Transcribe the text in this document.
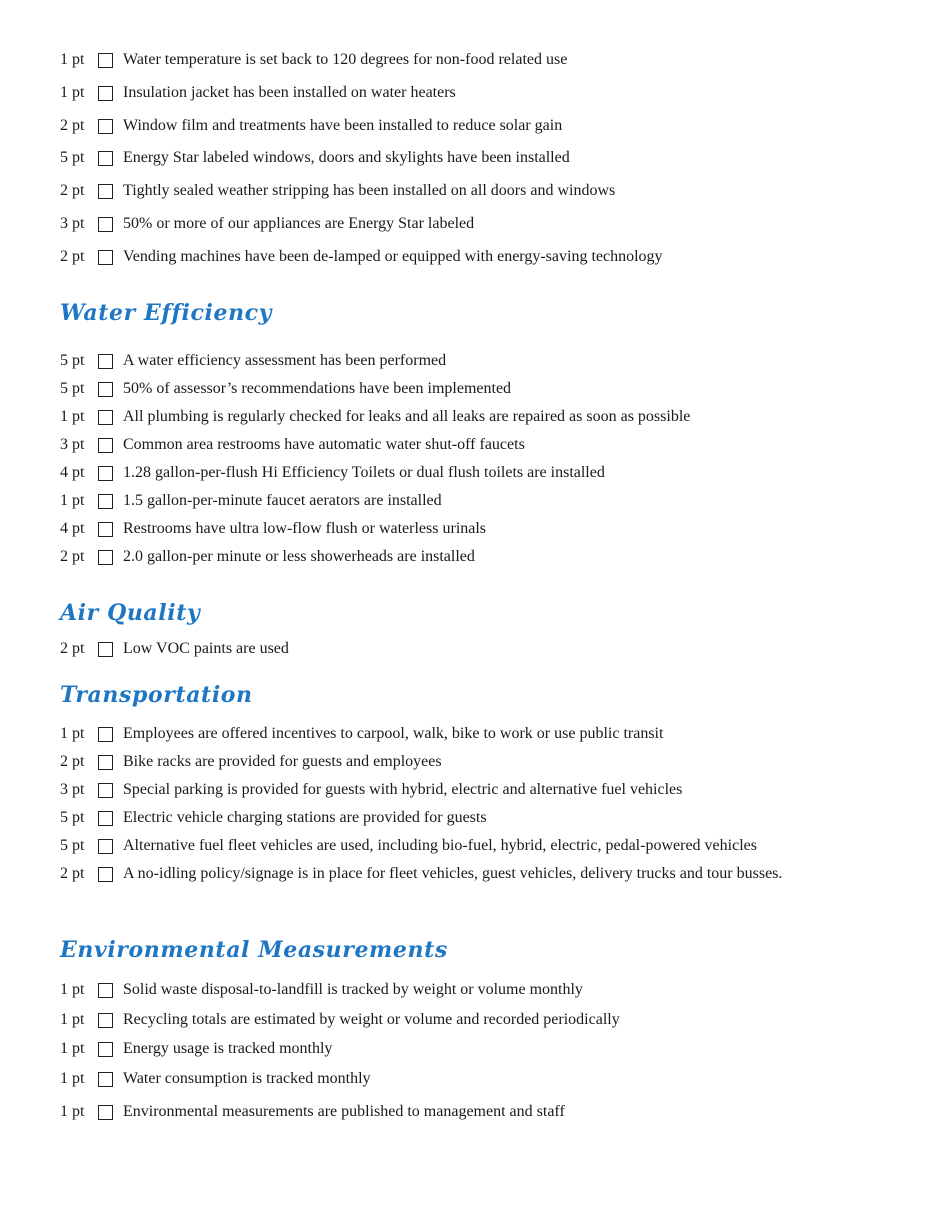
1 pt	Water temperature is set back to 120 degrees for non-food related use
1 pt	Insulation jacket has been installed on water heaters
2 pt	Window film and treatments have been installed to reduce solar gain
5 pt	Energy Star labeled windows, doors and skylights have been installed
2 pt	Tightly sealed weather stripping has been installed on all doors and windows
3 pt	50% or more of our appliances are Energy Star labeled
2 pt	Vending machines have been de-lamped or equipped with energy-saving technology
Water Efficiency
5 pt	A water efficiency assessment has been performed
5 pt	50% of assessor’s recommendations have been implemented
1 pt	All plumbing is regularly checked for leaks and all leaks are repaired as soon as possible
3 pt	Common area restrooms have automatic water shut-off faucets
4 pt	1.28 gallon-per-flush Hi Efficiency Toilets or dual flush toilets are installed
1 pt	1.5 gallon-per-minute faucet aerators are installed
4 pt	Restrooms have ultra low-flow flush or waterless urinals
2 pt	2.0 gallon-per minute or less showerheads are installed
Air Quality
2 pt	Low VOC paints are used
Transportation
1 pt	Employees are offered incentives to carpool, walk, bike to work or use public transit
2 pt	Bike racks are provided for guests and employees
3 pt	Special parking is provided for guests with hybrid, electric and alternative fuel vehicles
5 pt	Electric vehicle charging stations are provided for guests
5 pt	Alternative fuel fleet vehicles are used, including bio-fuel, hybrid, electric, pedal-powered vehicles
2 pt	A no-idling policy/signage is in place for fleet vehicles, guest vehicles, delivery trucks and tour busses.
Environmental Measurements
1 pt	Solid waste disposal-to-landfill is tracked by weight or volume monthly
1 pt	Recycling totals are estimated by weight or volume and recorded periodically
1 pt	Energy usage is tracked monthly
1 pt	Water consumption is tracked monthly
1 pt	Environmental measurements are published to management and staff
